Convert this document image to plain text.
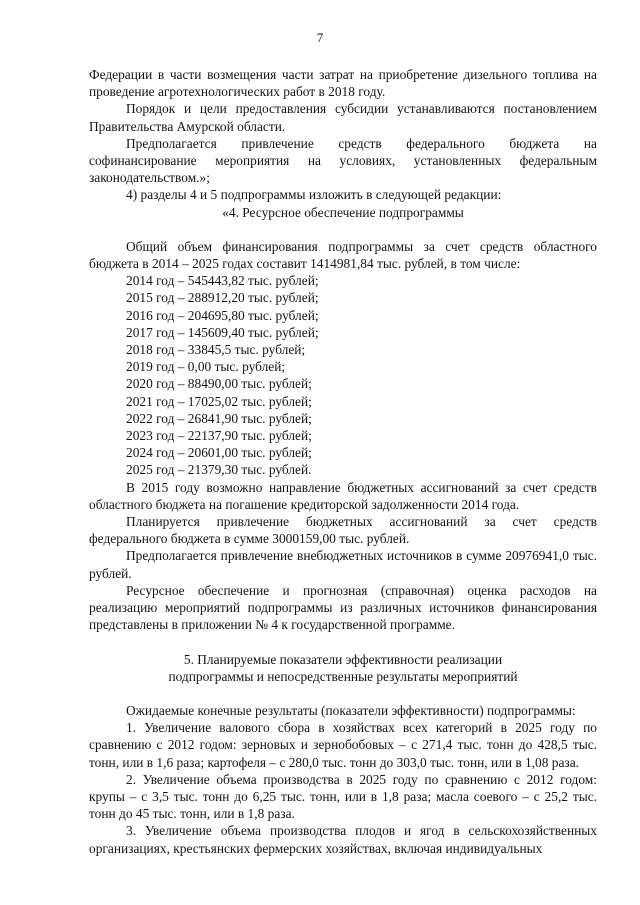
7

Федерации в части возмещения части затрат на приобретение дизельного топлива на проведение агротехнологических работ в 2018 году.

Порядок и цели предоставления субсидии устанавливаются постановлением Правительства Амурской области.

Предполагается привлечение средств федерального бюджета на софинансирование мероприятия на условиях, установленных федеральным законодательством.»;

4) разделы 4 и 5 подпрограммы изложить в следующей редакции:

«4. Ресурсное обеспечение подпрограммы

Общий объем финансирования подпрограммы за счет средств областного бюджета в 2014 – 2025 годах составит 1414981,84 тыс. рублей, в том числе:

2014 год – 545443,82 тыс. рублей;
2015 год – 288912,20 тыс. рублей;
2016 год – 204695,80 тыс. рублей;
2017 год – 145609,40 тыс. рублей;
2018 год – 33845,5 тыс. рублей;
2019 год – 0,00 тыс. рублей;
2020 год – 88490,00 тыс. рублей;
2021 год – 17025,02 тыс. рублей;
2022 год – 26841,90 тыс. рублей;
2023 год – 22137,90 тыс. рублей;
2024 год – 20601,00 тыс. рублей;
2025 год – 21379,30 тыс. рублей.

В 2015 году возможно направление бюджетных ассигнований за счет средств областного бюджета на погашение кредиторской задолженности 2014 года.

Планируется привлечение бюджетных ассигнований за счет средств федерального бюджета в сумме 3000159,00 тыс. рублей.

Предполагается привлечение внебюджетных источников в сумме 20976941,0 тыс. рублей.

Ресурсное обеспечение и прогнозная (справочная) оценка расходов на реализацию мероприятий подпрограммы из различных источников финансирования представлены в приложении № 4 к государственной программе.

5. Планируемые показатели эффективности реализации

подпрограммы и непосредственные результаты мероприятий

Ожидаемые конечные результаты (показатели эффективности) подпрограммы:

1. Увеличение валового сбора в хозяйствах всех категорий в 2025 году по сравнению с 2012 годом: зерновых и зернобобовых – с 271,4 тыс. тонн до 428,5 тыс. тонн, или в 1,6 раза; картофеля – с 280,0 тыс. тонн до 303,0 тыс. тонн, или в 1,08 раза.

2. Увеличение объема производства в 2025 году по сравнению с 2012 годом: крупы – с 3,5 тыс. тонн до 6,25 тыс. тонн, или в 1,8 раза; масла соевого – с 25,2 тыс. тонн до 45 тыс. тонн, или в 1,8 раза.

3. Увеличение объема производства плодов и ягод в сельскохозяйственных организациях, крестьянских фермерских хозяйствах, включая индивидуальных
